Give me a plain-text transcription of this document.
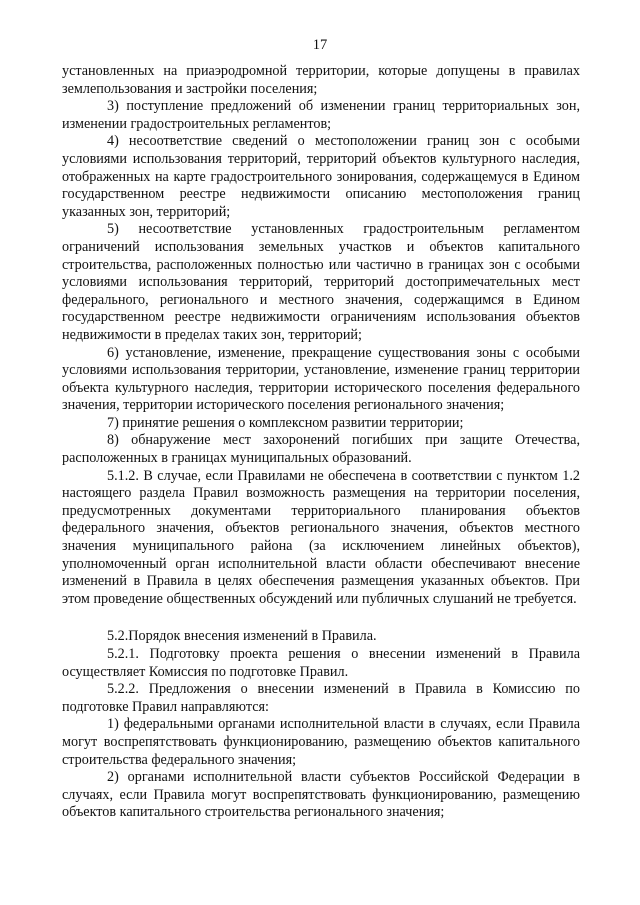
17

установленных на приаэродромной территории, которые допущены в правилах землепользования и застройки поселения;

3) поступление предложений об изменении границ территориальных зон, изменении градостроительных регламентов;

4) несоответствие сведений о местоположении границ зон с особыми условиями использования территорий, территорий объектов культурного наследия, отображенных на карте градостроительного зонирования, содержащемуся в Едином государственном реестре недвижимости описанию местоположения границ указанных зон, территорий;

5) несоответствие установленных градостроительным регламентом ограничений использования земельных участков и объектов капитального строительства, расположенных полностью или частично в границах зон с особыми условиями использования территорий, территорий достопримечательных мест федерального, регионального и местного значения, содержащимся в Едином государственном реестре недвижимости ограничениям использования объектов недвижимости в пределах таких зон, территорий;

6) установление, изменение, прекращение существования зоны с особыми условиями использования территории, установление, изменение границ территории объекта культурного наследия, территории исторического поселения федерального значения, территории исторического поселения регионального значения;

7) принятие решения о комплексном развитии территории;

8) обнаружение мест захоронений погибших при защите Отечества, расположенных в границах муниципальных образований.

5.1.2. В случае, если Правилами не обеспечена в соответствии с пунктом 1.2 настоящего раздела Правил возможность размещения на территории поселения, предусмотренных документами территориального планирования объектов федерального значения, объектов регионального значения, объектов местного значения муниципального района (за исключением линейных объектов), уполномоченный орган исполнительной власти области обеспечивают внесение изменений в Правила в целях обеспечения размещения указанных объектов. При этом проведение общественных обсуждений или публичных слушаний не требуется.

5.2.Порядок внесения изменений в Правила.

5.2.1. Подготовку проекта решения о внесении изменений в Правила осуществляет Комиссия по подготовке Правил.

5.2.2. Предложения о внесении изменений в Правила в Комиссию по подготовке Правил направляются:

1) федеральными органами исполнительной власти в случаях, если Правила могут воспрепятствовать функционированию, размещению объектов капитального строительства федерального значения;

2) органами исполнительной власти субъектов Российской Федерации в случаях, если Правила могут воспрепятствовать функционированию, размещению объектов капитального строительства регионального значения;
